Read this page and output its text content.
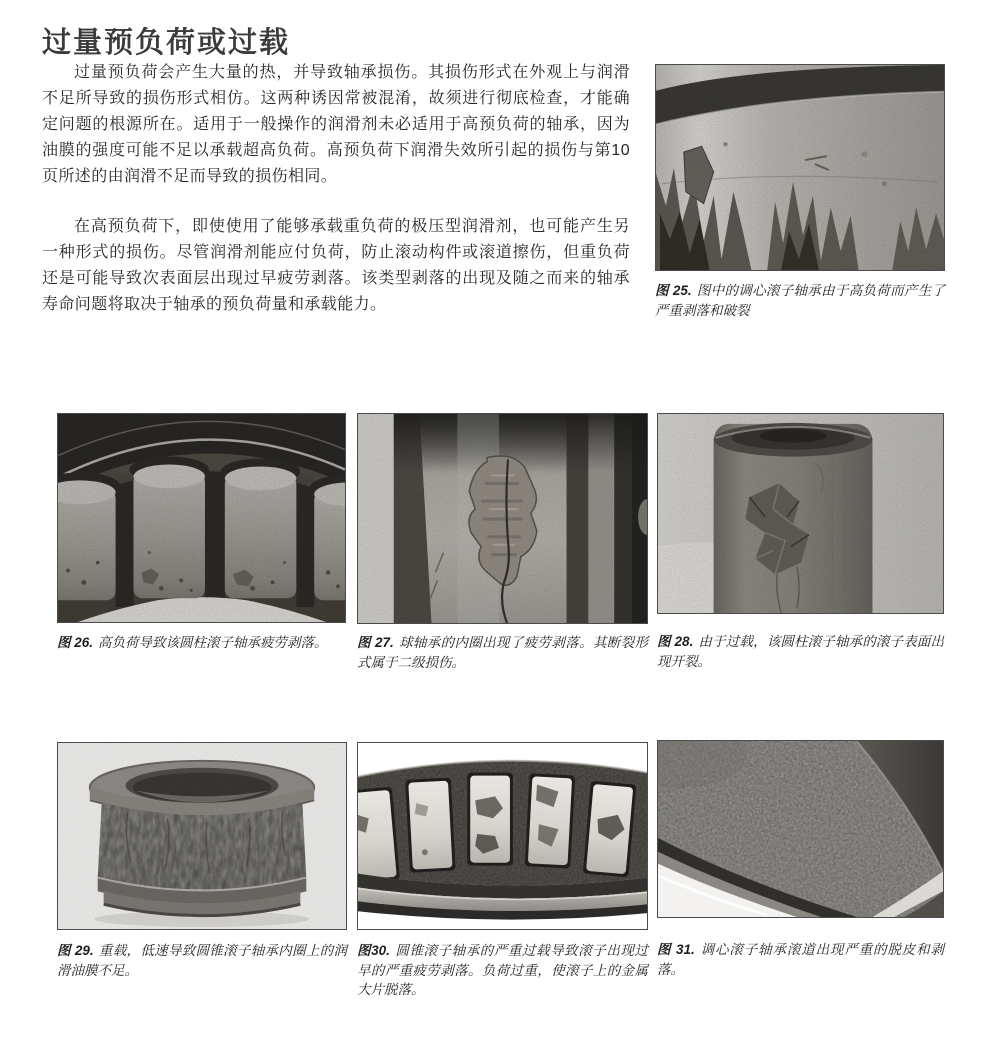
过量预负荷或过载

过量预负荷会产生大量的热，并导致轴承损伤。其损伤形式在外观上与润滑不足所导致的损伤形式相仿。这两种诱因常被混淆，故须进行彻底检查，才能确定问题的根源所在。适用于一般操作的润滑剂未必适用于高预负荷的轴承，因为油膜的强度可能不足以承载超高负荷。高预负荷下润滑失效所引起的损伤与第10页所述的由润滑不足而导致的损伤相同。

在高预负荷下，即使使用了能够承载重负荷的极压型润滑剂，也可能产生另一种形式的损伤。尽管润滑剂能应付负荷，防止滚动构件或滚道擦伤，但重负荷还是可能导致次表面层出现过早疲劳剥落。该类型剥落的出现及随之而来的轴承寿命问题将取决于轴承的预负荷量和承载能力。

图 25. 图中的调心滚子轴承由于高负荷而产生了严重剥落和破裂
图 26. 高负荷导致该圆柱滚子轴承疲劳剥落。	图 27. 球轴承的内圈出现了疲劳剥落。其断裂形式属于二级损伤。
图 28. 由于过载，该圆柱滚子轴承的滚子表面出现开裂。
图 29. 重载，低速导致圆锥滚子轴承内圈上的润滑油膜不足。
图30. 圆锥滚子轴承的严重过载导致滚子出现过早的严重疲劳剥落。负荷过重，使滚子上的金属大片脱落。
图 31. 调心滚子轴承滚道出现严重的脱皮和剥落。
